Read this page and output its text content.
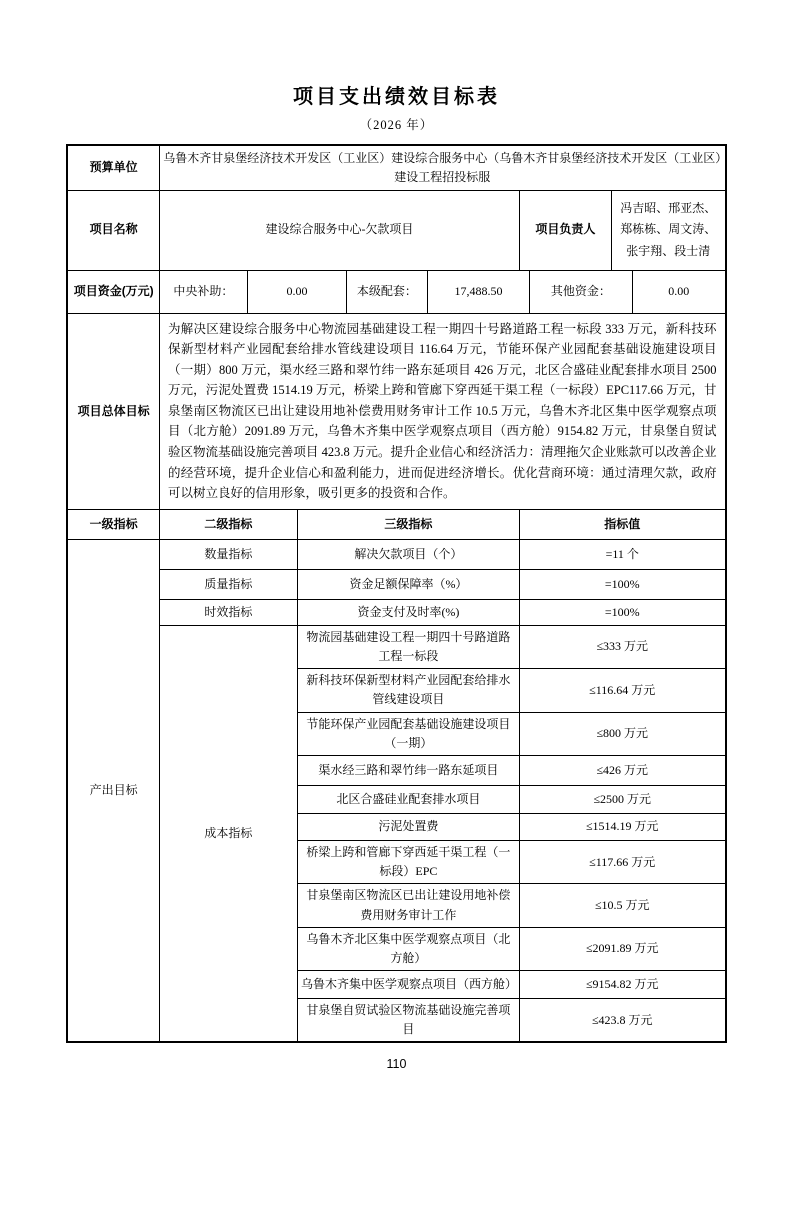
项目支出绩效目标表
（2026 年）
预算单位	乌鲁木齐甘泉堡经济技术开发区（工业区）建设综合服务中心（乌鲁木齐甘泉堡经济技术开发区（工业区）建设工程招投标服								
项目名称	建设综合服务中心-欠款项目					项目负责人		冯吉昭、邢亚杰、郑栋栋、周文涛、张宇翔、段士清	
项目资金(万元)	中央补助：	0.00		本级配套：	17,488.50		其他资金：		0.00
项目总体目标	为解决区建设综合服务中心物流园基础建设工程一期四十号路道路工程一标段 333 万元，新科技环保新型材料产业园配套给排水管线建设项目 116.64 万元，节能环保产业园配套基础设施建设项目（一期）800 万元，渠水经三路和翠竹纬一路东延项目 426 万元，北区合盛硅业配套排水项目 2500 万元，污泥处置费 1514.19 万元，桥梁上跨和管廊下穿西延干渠工程（一标段）EPC117.66 万元，甘泉堡南区物流区已出让建设用地补偿费用财务审计工作 10.5 万元，乌鲁木齐北区集中医学观察点项目（北方舱）2091.89 万元，乌鲁木齐集中医学观察点项目（西方舱）9154.82 万元，甘泉堡自贸试验区物流基础设施完善项目 423.8 万元。提升企业信心和经济活力：清理拖欠企业账款可以改善企业的经营环境，提升企业信心和盈利能力，进而促进经济增长。优化营商环境：通过清理欠款，政府可以树立良好的信用形象，吸引更多的投资和合作。								
一级指标	二级指标		三级指标			指标值			
产出目标	数量指标		解决欠款项目（个）			=11 个			
	质量指标		资金足额保障率（%）			=100%			
	时效指标		资金支付及时率(%)			=100%			
	成本指标		物流园基础建设工程一期四十号路道路工程一标段			≤333 万元			
			新科技环保新型材料产业园配套给排水管线建设项目			≤116.64 万元			
			节能环保产业园配套基础设施建设项目（一期）			≤800 万元			
			渠水经三路和翠竹纬一路东延项目			≤426 万元			
			北区合盛硅业配套排水项目			≤2500 万元			
			污泥处置费			≤1514.19 万元			
			桥梁上跨和管廊下穿西延干渠工程（一标段）EPC			≤117.66 万元			
			甘泉堡南区物流区已出让建设用地补偿费用财务审计工作			≤10.5 万元			
			乌鲁木齐北区集中医学观察点项目（北方舱）			≤2091.89 万元			
			乌鲁木齐集中医学观察点项目（西方舱）			≤9154.82 万元			
			甘泉堡自贸试验区物流基础设施完善项目			≤423.8 万元			
110
